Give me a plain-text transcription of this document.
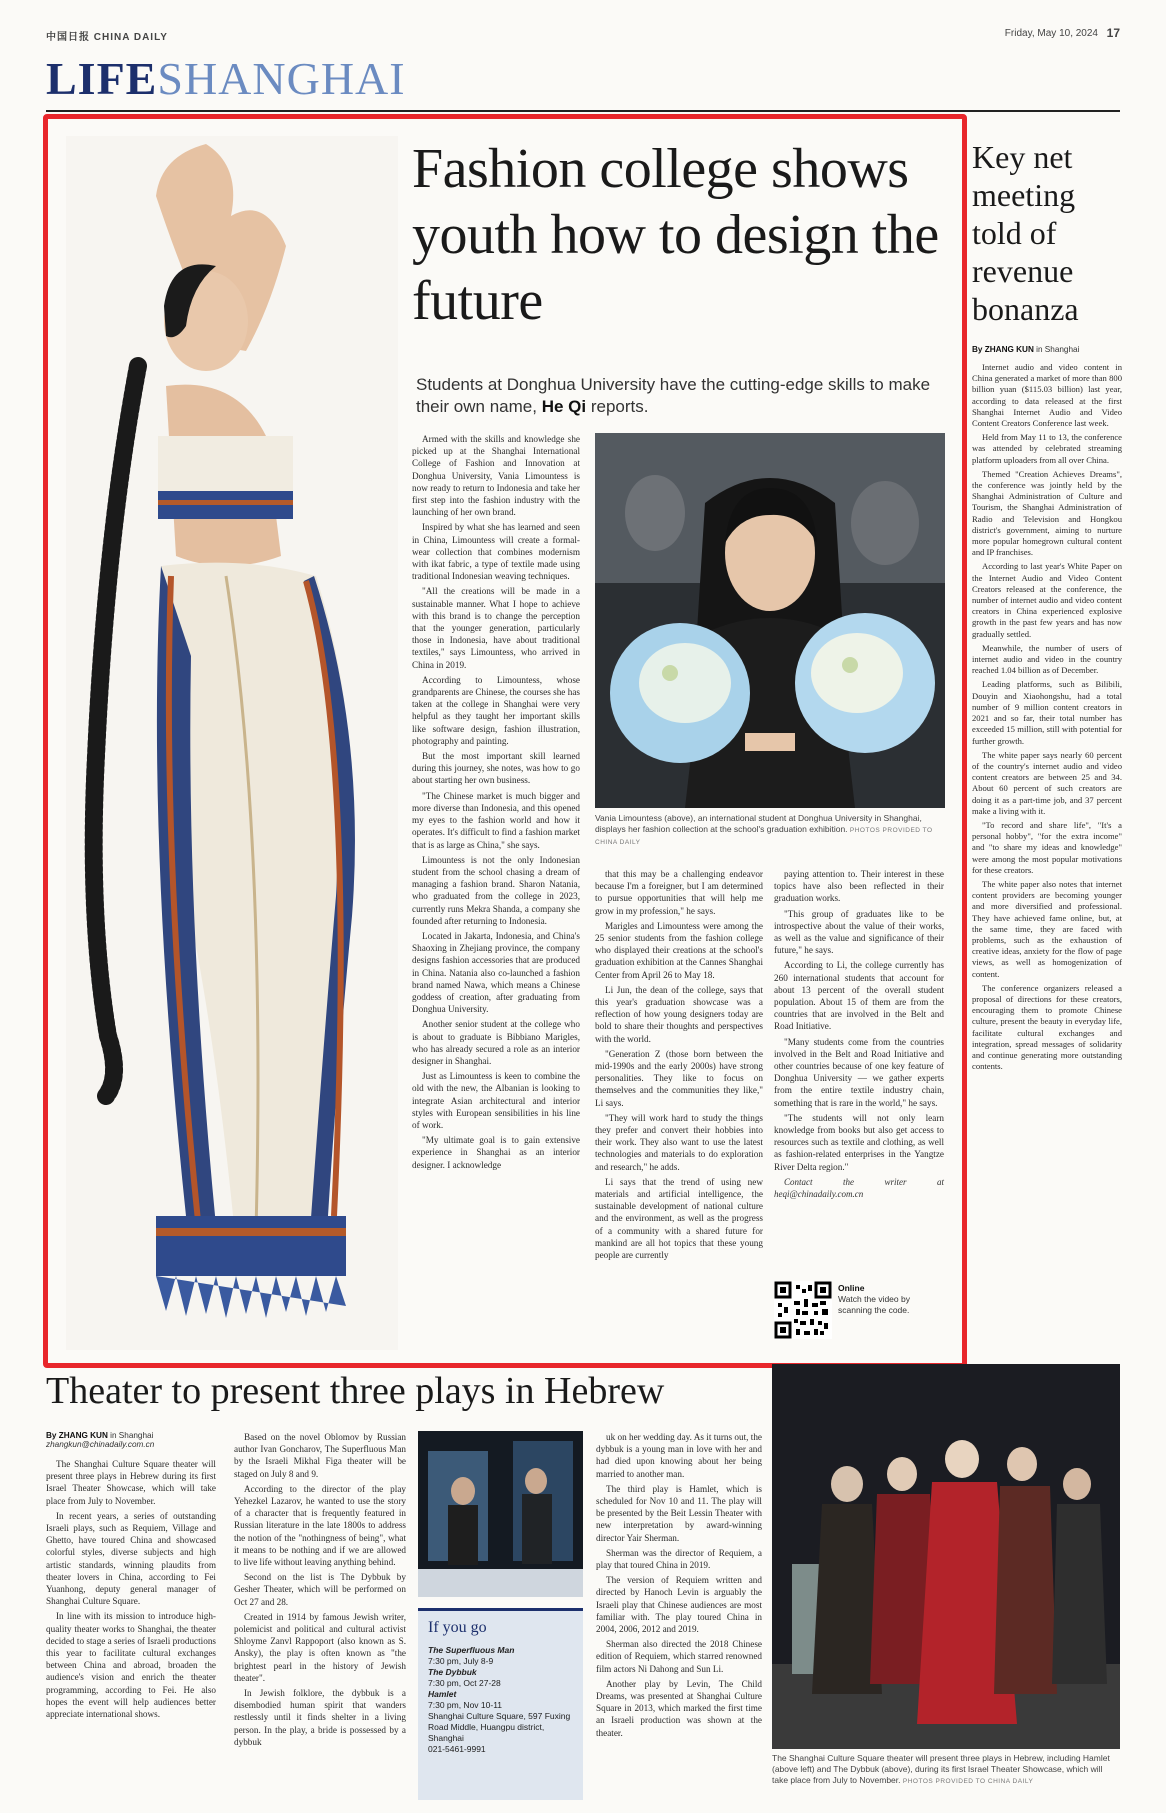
中国日报 CHINA DAILY	Friday, May 10, 2024 17
LIFESHANGHAI
Fashion college shows youth how to design the future
Students at Donghua University have the cutting-edge skills to make their own name, He Qi reports.

Armed with the skills and knowledge she picked up at the Shanghai International College of Fashion and Innovation at Donghua University, Vania Limountess is now ready to return to Indonesia and take her first step into the fashion industry with the launching of her own brand.

Inspired by what she has learned and seen in China, Limountess will create a formal-wear collection that combines modernism with ikat fabric, a type of textile made using traditional Indonesian weaving techniques.

"All the creations will be made in a sustainable manner. What I hope to achieve with this brand is to change the perception that the younger generation, particularly those in Indonesia, have about traditional textiles," says Limountess, who arrived in China in 2019.

According to Limountess, whose grandparents are Chinese, the courses she has taken at the college in Shanghai were very helpful as they taught her important skills like software design, fashion illustration, photography and painting.

But the most important skill learned during this journey, she notes, was how to go about starting her own business.

"The Chinese market is much bigger and more diverse than Indonesia, and this opened my eyes to the fashion world and how it operates. It's difficult to find a fashion market that is as large as China," she says.

Limountess is not the only Indonesian student from the school chasing a dream of managing a fashion brand. Sharon Natania, who graduated from the college in 2023, currently runs Mekra Shanda, a company she founded after returning to Indonesia.

Located in Jakarta, Indonesia, and China's Shaoxing in Zhejiang province, the company designs fashion accessories that are produced in China. Natania also co-launched a fashion brand named Nawa, which means a Chinese goddess of creation, after graduating from Donghua University.

Another senior student at the college who is about to graduate is Bibbiano Marigles, who has already secured a role as an interior designer in Shanghai.

Just as Limountess is keen to combine the old with the new, the Albanian is looking to integrate Asian architectural and interior styles with European sensibilities in his line of work.

"My ultimate goal is to gain extensive experience in Shanghai as an interior designer. I acknowledge

Vania Limountess (above), an international student at Donghua University in Shanghai, displays her fashion collection at the school's graduation exhibition. PHOTOS PROVIDED TO CHINA DAILY

that this may be a challenging endeavor because I'm a foreigner, but I am determined to pursue opportunities that will help me grow in my profession," he says.

Marigles and Limountess were among the 25 senior students from the fashion college who displayed their creations at the school's graduation exhibition at the Cannes Shanghai Center from April 26 to May 18.

Li Jun, the dean of the college, says that this year's graduation showcase was a reflection of how young designers today are bold to share their thoughts and perspectives with the world.

"Generation Z (those born between the mid-1990s and the early 2000s) have strong personalities. They like to focus on themselves and the communities they like," Li says.

"They will work hard to study the things they prefer and convert their hobbies into their work. They also want to use the latest technologies and materials to do exploration and research," he adds.

Li says that the trend of using new materials and artificial intelligence, the sustainable development of national culture and the environment, as well as the progress of a community with a shared future for mankind are all hot topics that these young people are currently

paying attention to. Their interest in these topics have also been reflected in their graduation works.

"This group of graduates like to be introspective about the value of their works, as well as the value and significance of their future," he says.

According to Li, the college currently has 260 international students that account for about 13 percent of the overall student population. About 15 of them are from the countries that are involved in the Belt and Road Initiative.

"Many students come from the countries involved in the Belt and Road Initiative and other countries because of one key feature of Donghua University — we gather experts from the entire textile industry chain, something that is rare in the world," he says.

"The students will not only learn knowledge from books but also get access to resources such as textile and clothing, as well as fashion-related enterprises in the Yangtze River Delta region."

Contact the writer at heqi@chinadaily.com.cn

Online
Watch the video by scanning the code.
Key net meeting told of revenue bonanza
By ZHANG KUN in Shanghai

Internet audio and video content in China generated a market of more than 800 billion yuan ($115.03 billion) last year, according to data released at the first Shanghai Internet Audio and Video Content Creators Conference last week.

Held from May 11 to 13, the conference was attended by celebrated streaming platform uploaders from all over China.

Themed "Creation Achieves Dreams", the conference was jointly held by the Shanghai Administration of Culture and Tourism, the Shanghai Administration of Radio and Television and Hongkou district's government, aiming to nurture more popular homegrown cultural content and IP franchises.

According to last year's White Paper on the Internet Audio and Video Content Creators released at the conference, the number of internet audio and video content creators in China experienced explosive growth in the past few years and has now gradually settled.

Meanwhile, the number of users of internet audio and video in the country reached 1.04 billion as of December.

Leading platforms, such as Bilibili, Douyin and Xiaohongshu, had a total number of 9 million content creators in 2021 and so far, their total number has exceeded 15 million, still with potential for further growth.

The white paper says nearly 60 percent of the country's internet audio and video content creators are between 25 and 34. About 60 percent of such creators are doing it as a part-time job, and 37 percent make a living with it.

"To record and share life", "It's a personal hobby", "for the extra income" and "to share my ideas and knowledge" were among the most popular motivations for these creators.

The white paper also notes that internet content providers are becoming younger and more diversified and professional. They have achieved fame online, but, at the same time, they are faced with problems, such as the exhaustion of creative ideas, anxiety for the flow of page views, as well as homogenization of content.

The conference organizers released a proposal of directions for these creators, encouraging them to promote Chinese culture, present the beauty in everyday life, facilitate cultural exchanges and integration, spread messages of solidarity and continue generating more outstanding contents.

Theater to present three plays in Hebrew
By ZHANG KUN in Shanghai
zhangkun@chinadaily.com.cn

The Shanghai Culture Square theater will present three plays in Hebrew during its first Israel Theater Showcase, which will take place from July to November.

In recent years, a series of outstanding Israeli plays, such as Requiem, Village and Ghetto, have toured China and showcased colorful styles, diverse subjects and high artistic standards, winning plaudits from theater lovers in China, according to Fei Yuanhong, deputy general manager of Shanghai Culture Square.

In line with its mission to introduce high-quality theater works to Shanghai, the theater decided to stage a series of Israeli productions this year to facilitate cultural exchanges between China and abroad, broaden the audience's vision and enrich the theater programming, according to Fei. He also hopes the event will help audiences better appreciate international shows.

Based on the novel Oblomov by Russian author Ivan Goncharov, The Superfluous Man by the Israeli Mikhal Figa theater will be staged on July 8 and 9.

According to the director of the play Yehezkel Lazarov, he wanted to use the story of a character that is frequently featured in Russian literature in the late 1800s to address the notion of the "nothingness of being", what it means to be nothing and if we are allowed to live life without leaving anything behind.

Second on the list is The Dybbuk by Gesher Theater, which will be performed on Oct 27 and 28.

Created in 1914 by famous Jewish writer, polemicist and political and cultural activist Shloyme Zanvl Rappoport (also known as S. Ansky), the play is often known as "the brightest pearl in the history of Jewish theater".

In Jewish folklore, the dybbuk is a disembodied human spirit that wanders restlessly until it finds shelter in a living person. In the play, a bride is possessed by a dybbuk

If you go
The Superfluous Man
7:30 pm, July 8-9
The Dybbuk
7:30 pm, Oct 27-28
Hamlet
7:30 pm, Nov 10-11
Shanghai Culture Square, 597 Fuxing Road Middle, Huangpu district, Shanghai
021-5461-9991

uk on her wedding day. As it turns out, the dybbuk is a young man in love with her and had died upon knowing about her being married to another man.

The third play is Hamlet, which is scheduled for Nov 10 and 11. The play will be presented by the Beit Lessin Theater with new interpretation by award-winning director Yair Sherman.

Sherman was the director of Requiem, a play that toured China in 2019.

The version of Requiem written and directed by Hanoch Levin is arguably the Israeli play that Chinese audiences are most familiar with. The play toured China in 2004, 2006, 2012 and 2019.

Sherman also directed the 2018 Chinese edition of Requiem, which starred renowned film actors Ni Dahong and Sun Li.

Another play by Levin, The Child Dreams, was presented at Shanghai Culture Square in 2013, which marked the first time an Israeli production was shown at the theater.

The Shanghai Culture Square theater will present three plays in Hebrew, including Hamlet (above left) and The Dybbuk (above), during its first Israel Theater Showcase, which will take place from July to November. PHOTOS PROVIDED TO CHINA DAILY
